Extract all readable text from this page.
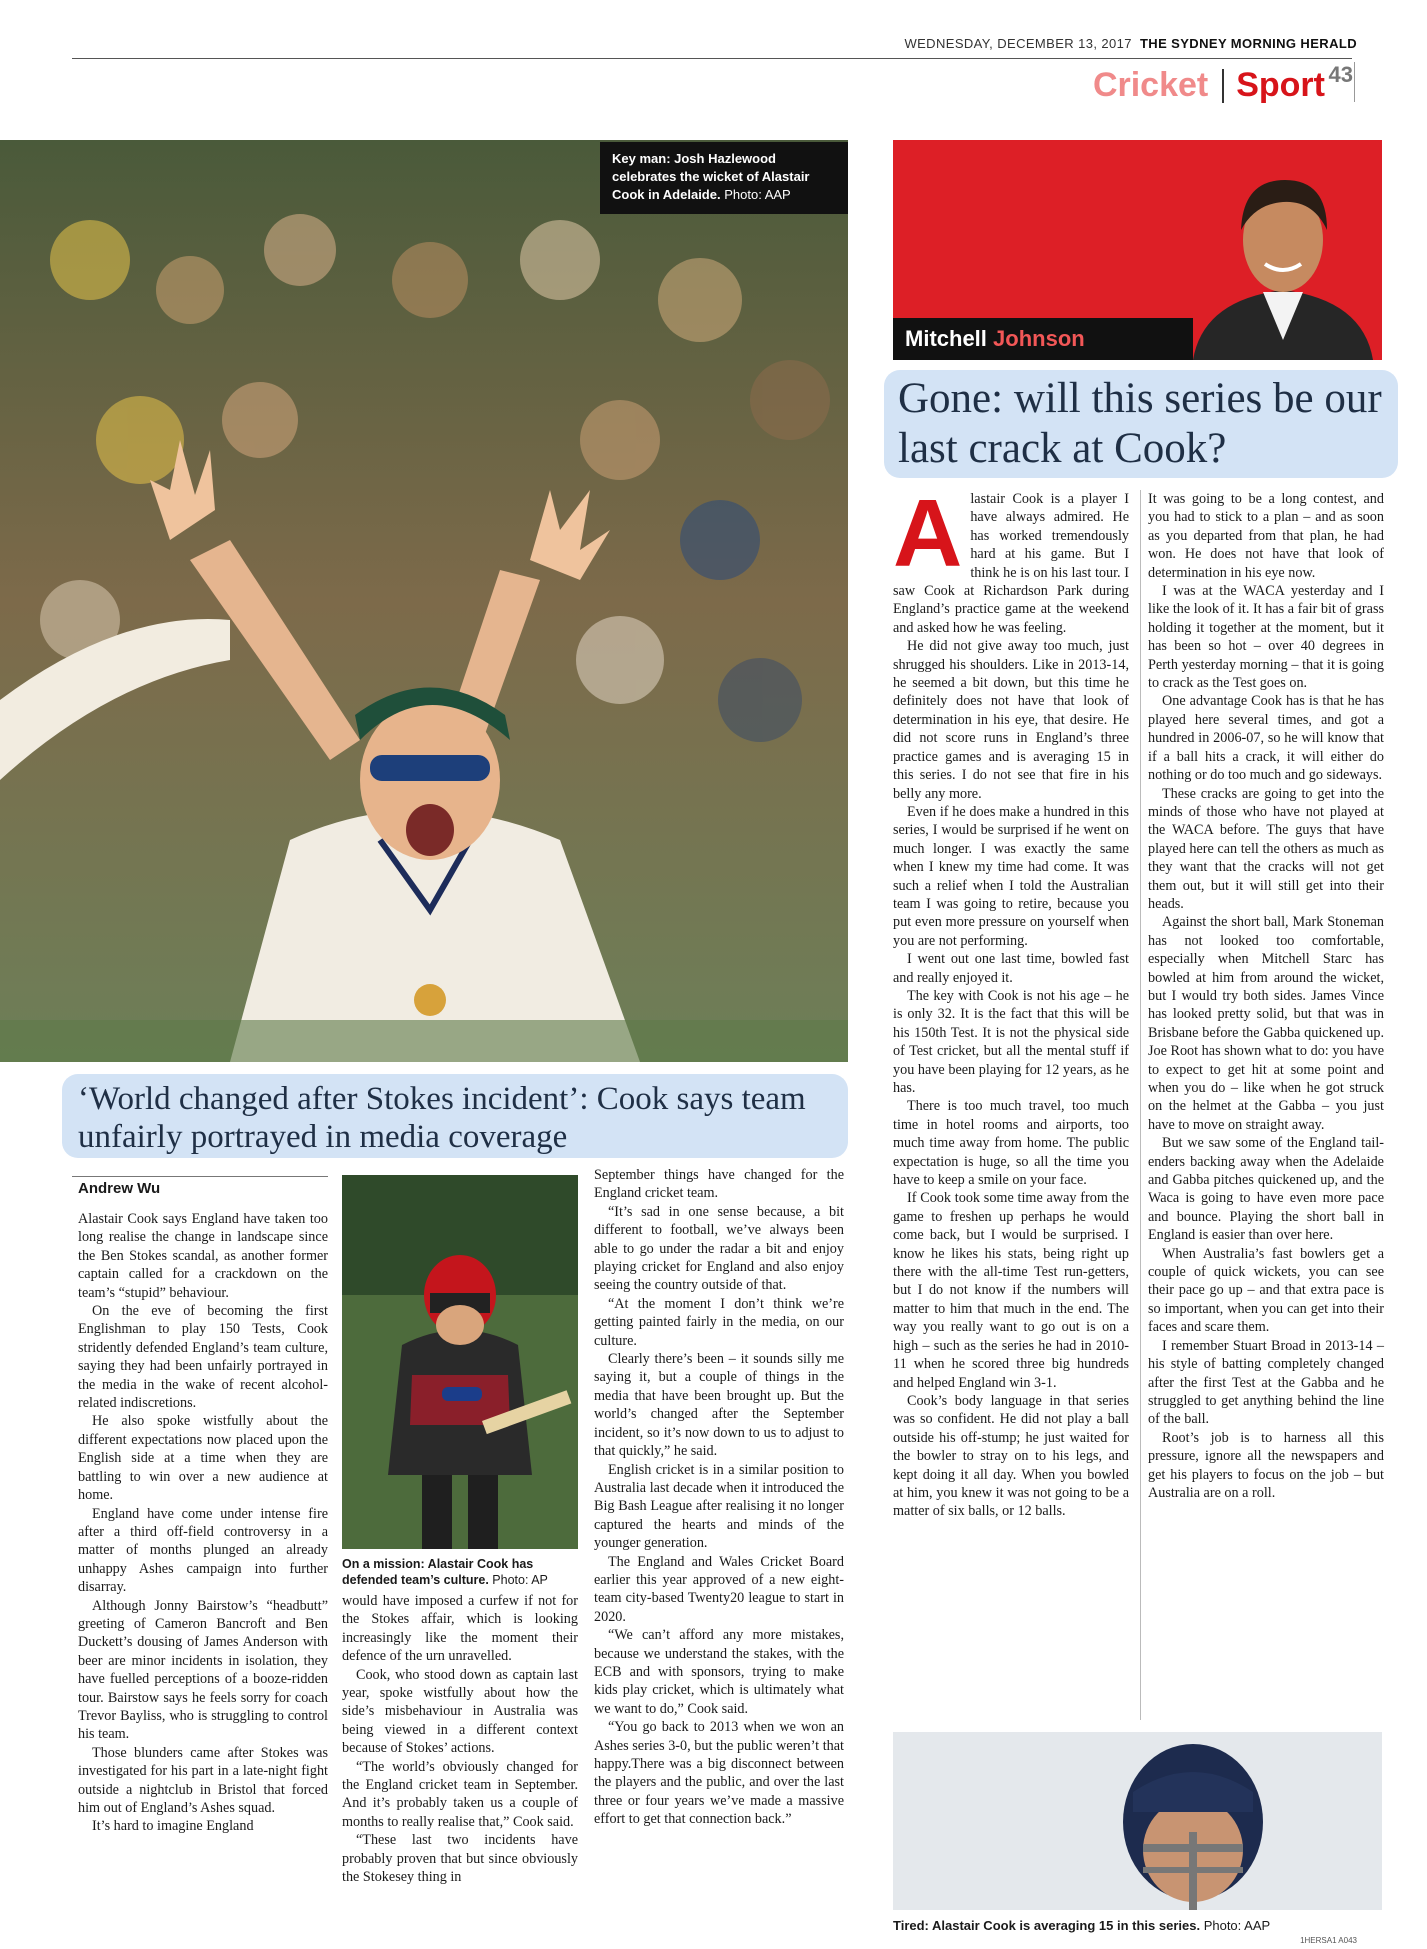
WEDNESDAY, DECEMBER 13, 2017 THE SYDNEY MORNING HERALD
Cricket Sport 43
Key man: Josh Hazlewood celebrates the wicket of Alastair Cook in Adelaide. Photo: AAP
‘World changed after Stokes incident’: Cook says team unfairly portrayed in media coverage
Andrew Wu

Alastair Cook says England have taken too long realise the change in landscape since the Ben Stokes scandal, as another former captain called for a crackdown on the team’s “stupid” behaviour.

On the eve of becoming the first Englishman to play 150 Tests, Cook stridently defended England’s team culture, saying they had been unfairly portrayed in the media in the wake of recent alcohol-related indiscretions.

He also spoke wistfully about the different expectations now placed upon the English side at a time when they are battling to win over a new audience at home.

England have come under intense fire after a third off-field controversy in a matter of months plunged an already unhappy Ashes campaign into further disarray.

Although Jonny Bairstow’s “headbutt” greeting of Cameron Bancroft and Ben Duckett’s dousing of James Anderson with beer are minor incidents in isolation, they have fuelled perceptions of a booze-ridden tour. Bairstow says he feels sorry for coach Trevor Bayliss, who is struggling to control his team.

Those blunders came after Stokes was investigated for his part in a late-night fight outside a nightclub in Bristol that forced him out of England’s Ashes squad.

It’s hard to imagine England

On a mission: Alastair Cook has defended team’s culture. Photo: AP

would have imposed a curfew if not for the Stokes affair, which is looking increasingly like the moment their defence of the urn unravelled.

Cook, who stood down as captain last year, spoke wistfully about how the side’s misbehaviour in Australia was being viewed in a different context because of Stokes’ actions.

“The world’s obviously changed for the England cricket team in September. And it’s probably taken us a couple of months to really realise that,” Cook said.

“These last two incidents have probably proven that but since obviously the Stokesey thing in

September things have changed for the England cricket team.

“It’s sad in one sense because, a bit different to football, we’ve always been able to go under the radar a bit and enjoy playing cricket for England and also enjoy seeing the country outside of that.

“At the moment I don’t think we’re getting painted fairly in the media, on our culture.

Clearly there’s been – it sounds silly me saying it, but a couple of things in the media that have been brought up. But the world’s changed after the September incident, so it’s now down to us to adjust to that quickly,” he said.

English cricket is in a similar position to Australia last decade when it introduced the Big Bash League after realising it no longer captured the hearts and minds of the younger generation.

The England and Wales Cricket Board earlier this year approved of a new eight-team city-based Twenty20 league to start in 2020.

“We can’t afford any more mistakes, because we understand the stakes, with the ECB and with sponsors, trying to make kids play cricket, which is ultimately what we want to do,” Cook said.

“You go back to 2013 when we won an Ashes series 3-0, but the public weren’t that happy.There was a big disconnect between the players and the public, and over the last three or four years we’ve made a massive effort to get that connection back.”

Mitchell Johnson
Gone: will this series be our last crack at Cook?

Alastair Cook is a player I have always admired. He has worked tremendously hard at his game. But I think he is on his last tour. I saw Cook at Richardson Park during England’s practice game at the weekend and asked how he was feeling.

He did not give away too much, just shrugged his shoulders. Like in 2013-14, he seemed a bit down, but this time he definitely does not have that look of determination in his eye, that desire. He did not score runs in England’s three practice games and is averaging 15 in this series. I do not see that fire in his belly any more.

Even if he does make a hundred in this series, I would be surprised if he went on much longer. I was exactly the same when I knew my time had come. It was such a relief when I told the Australian team I was going to retire, because you put even more pressure on yourself when you are not performing.

I went out one last time, bowled fast and really enjoyed it.

The key with Cook is not his age – he is only 32. It is the fact that this will be his 150th Test. It is not the physical side of Test cricket, but all the mental stuff if you have been playing for 12 years, as he has.

There is too much travel, too much time in hotel rooms and airports, too much time away from home. The public expectation is huge, so all the time you have to keep a smile on your face.

If Cook took some time away from the game to freshen up perhaps he would come back, but I would be surprised. I know he likes his stats, being right up there with the all-time Test run-getters, but I do not know if the numbers will matter to him that much in the end. The way you really want to go out is on a high – such as the series he had in 2010-11 when he scored three big hundreds and helped England win 3-1.

Cook’s body language in that series was so confident. He did not play a ball outside his off-stump; he just waited for the bowler to stray on to his legs, and kept doing it all day. When you bowled at him, you knew it was not going to be a matter of six balls, or 12 balls.

It was going to be a long contest, and you had to stick to a plan – and as soon as you departed from that plan, he had won. He does not have that look of determination in his eye now.

I was at the WACA yesterday and I like the look of it. It has a fair bit of grass holding it together at the moment, but it has been so hot – over 40 degrees in Perth yesterday morning – that it is going to crack as the Test goes on.

One advantage Cook has is that he has played here several times, and got a hundred in 2006-07, so he will know that if a ball hits a crack, it will either do nothing or do too much and go sideways.

These cracks are going to get into the minds of those who have not played at the WACA before. The guys that have played here can tell the others as much as they want that the cracks will not get them out, but it will still get into their heads.

Against the short ball, Mark Stoneman has not looked too comfortable, especially when Mitchell Starc has bowled at him from around the wicket, but I would try both sides. James Vince has looked pretty solid, but that was in Brisbane before the Gabba quickened up. Joe Root has shown what to do: you have to expect to get hit at some point and when you do – like when he got struck on the helmet at the Gabba – you just have to move on straight away.

But we saw some of the England tail-enders backing away when the Adelaide and Gabba pitches quickened up, and the Waca is going to have even more pace and bounce. Playing the short ball in England is easier than over here.

When Australia’s fast bowlers get a couple of quick wickets, you can see their pace go up – and that extra pace is so important, when you can get into their faces and scare them.

I remember Stuart Broad in 2013-14 – his style of batting completely changed after the first Test at the Gabba and he struggled to get anything behind the line of the ball.

Root’s job is to harness all this pressure, ignore all the newspapers and get his players to focus on the job – but Australia are on a roll.

Tired: Alastair Cook is averaging 15 in this series. Photo: AAP
1HERSA1 A043
